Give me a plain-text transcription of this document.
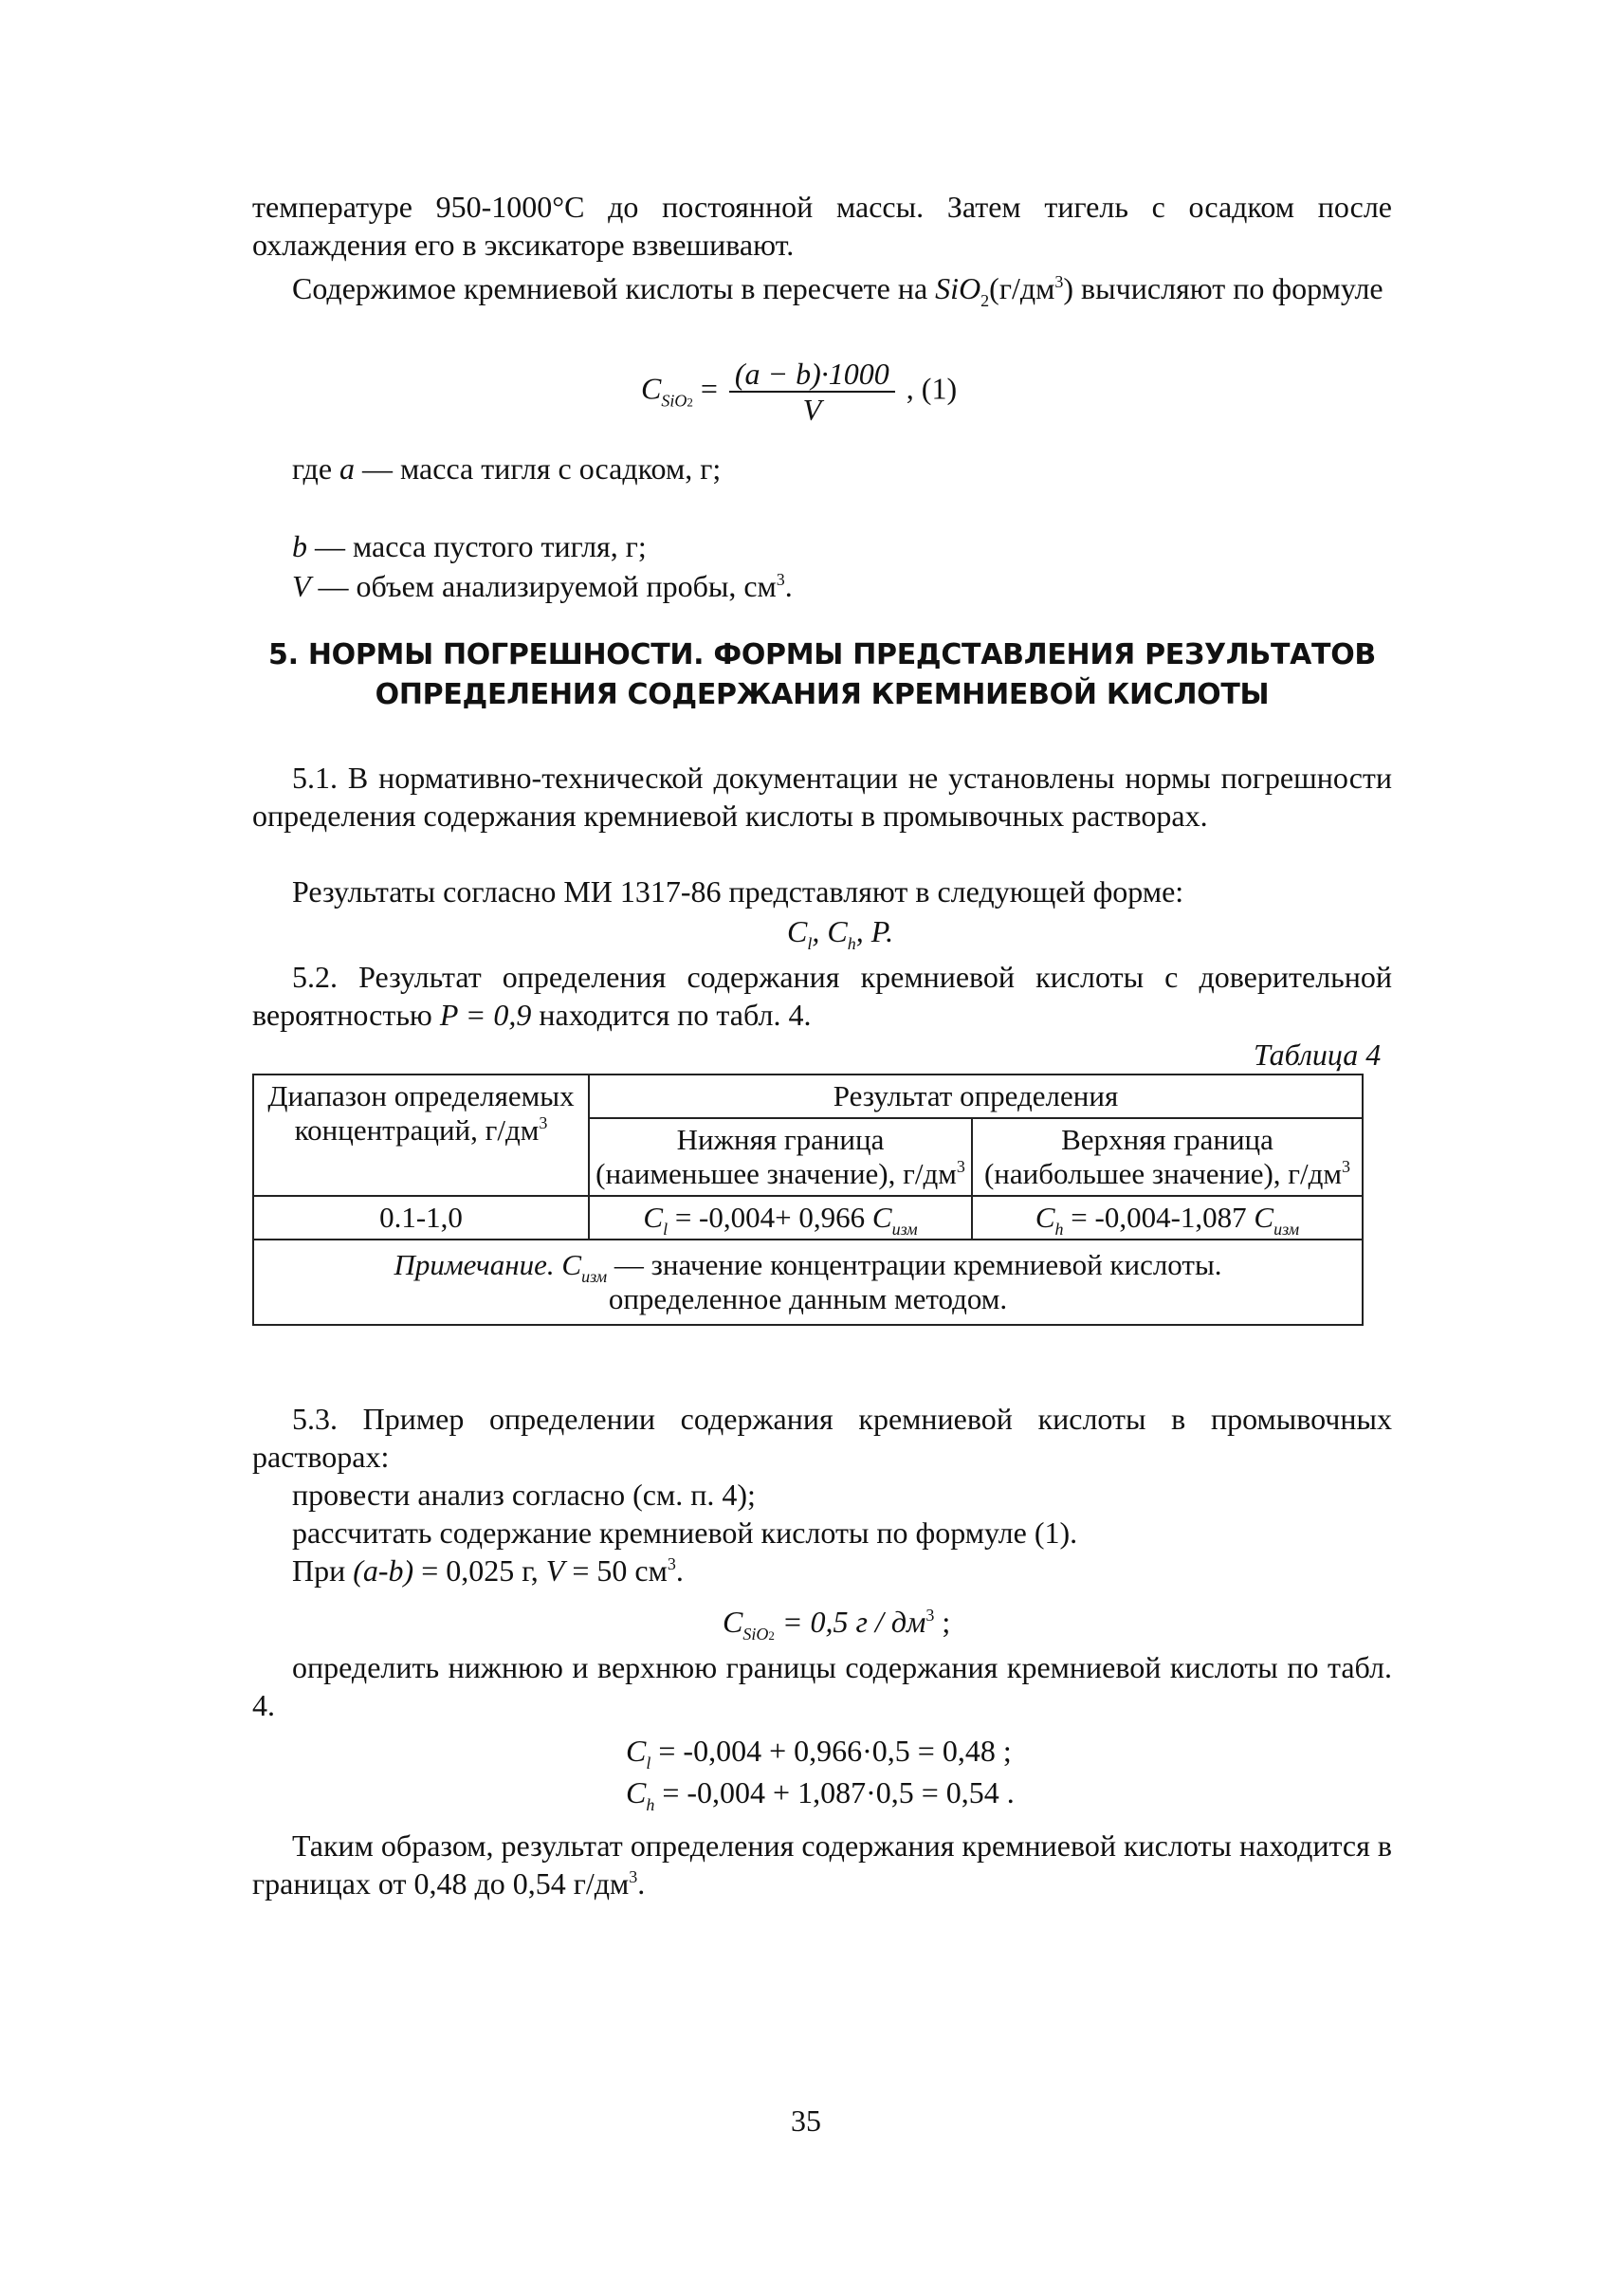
температуре 950-1000°С до постоянной массы. Затем тигель с осадком после охлаждения его в эксикаторе взвешивают.
Содержимое кремниевой кислоты в пересчете на $SiO_2(г/дм^3)$ вычисляют по формуле
$C_{SiO2} = \frac{(a - b)\cdot 1000}{V}$ , (1)
где a — масса тигля с осадком, г;
b — масса пустого тигля, г;
V — объем анализируемой пробы, $см^3$.
5. НОРМЫ ПОГРЕШНОСТИ. ФОРМЫ ПРЕДСТАВЛЕНИЯ РЕЗУЛЬТАТОВ
ОПРЕДЕЛЕНИЯ СОДЕРЖАНИЯ КРЕМНИЕВОЙ КИСЛОТЫ
5.1. В нормативно-технической документации не установлены нормы погрешности определения содержания кремниевой кислоты в промывочных растворах.
Результаты согласно МИ 1317-86 представляют в следующей форме:
$C_l$, $C_h$, P.
5.2. Результат определения содержания кремниевой кислоты с доверительной вероятностью P = 0,9 находится по табл. 4.
Таблица 4
Диапазон определяемых концентраций, $г/дм^3$	Результат определения	
	Нижняя граница (наименьшее значение), $г/дм^3$	Верхняя граница (наибольшее значение), $г/дм^3$
0.1-1,0	$C_l = -0,004+ 0,966$ $C_{изм}$	$C_h = -0,004-1,087$ $C_{изм}$
Примечание. $C_{изм}$ — значение концентрации кремниевой кислоты.
определенное данным методом.		
5.3. Пример определении содержания кремниевой кислоты в промывочных растворах:
провести анализ согласно (см. п. 4);
рассчитать содержание кремниевой кислоты по формуле (1).
При (a-b) = 0,025 г, V = 50 $см^3$.
$C_{SiO2} = 0,5$ г / $дм^3$ ;
определить нижнюю и верхнюю границы содержания кремниевой кислоты по табл. 4.
$C_l = -0,004 + 0,966\cdot 0,5 = 0,48$ ;
$C_h = -0,004 + 1,087\cdot 0,5 = 0,54$ .
Таким образом, результат определения содержания кремниевой кислоты находится в границах от 0,48 до 0,54 $г/дм^3$.
35
